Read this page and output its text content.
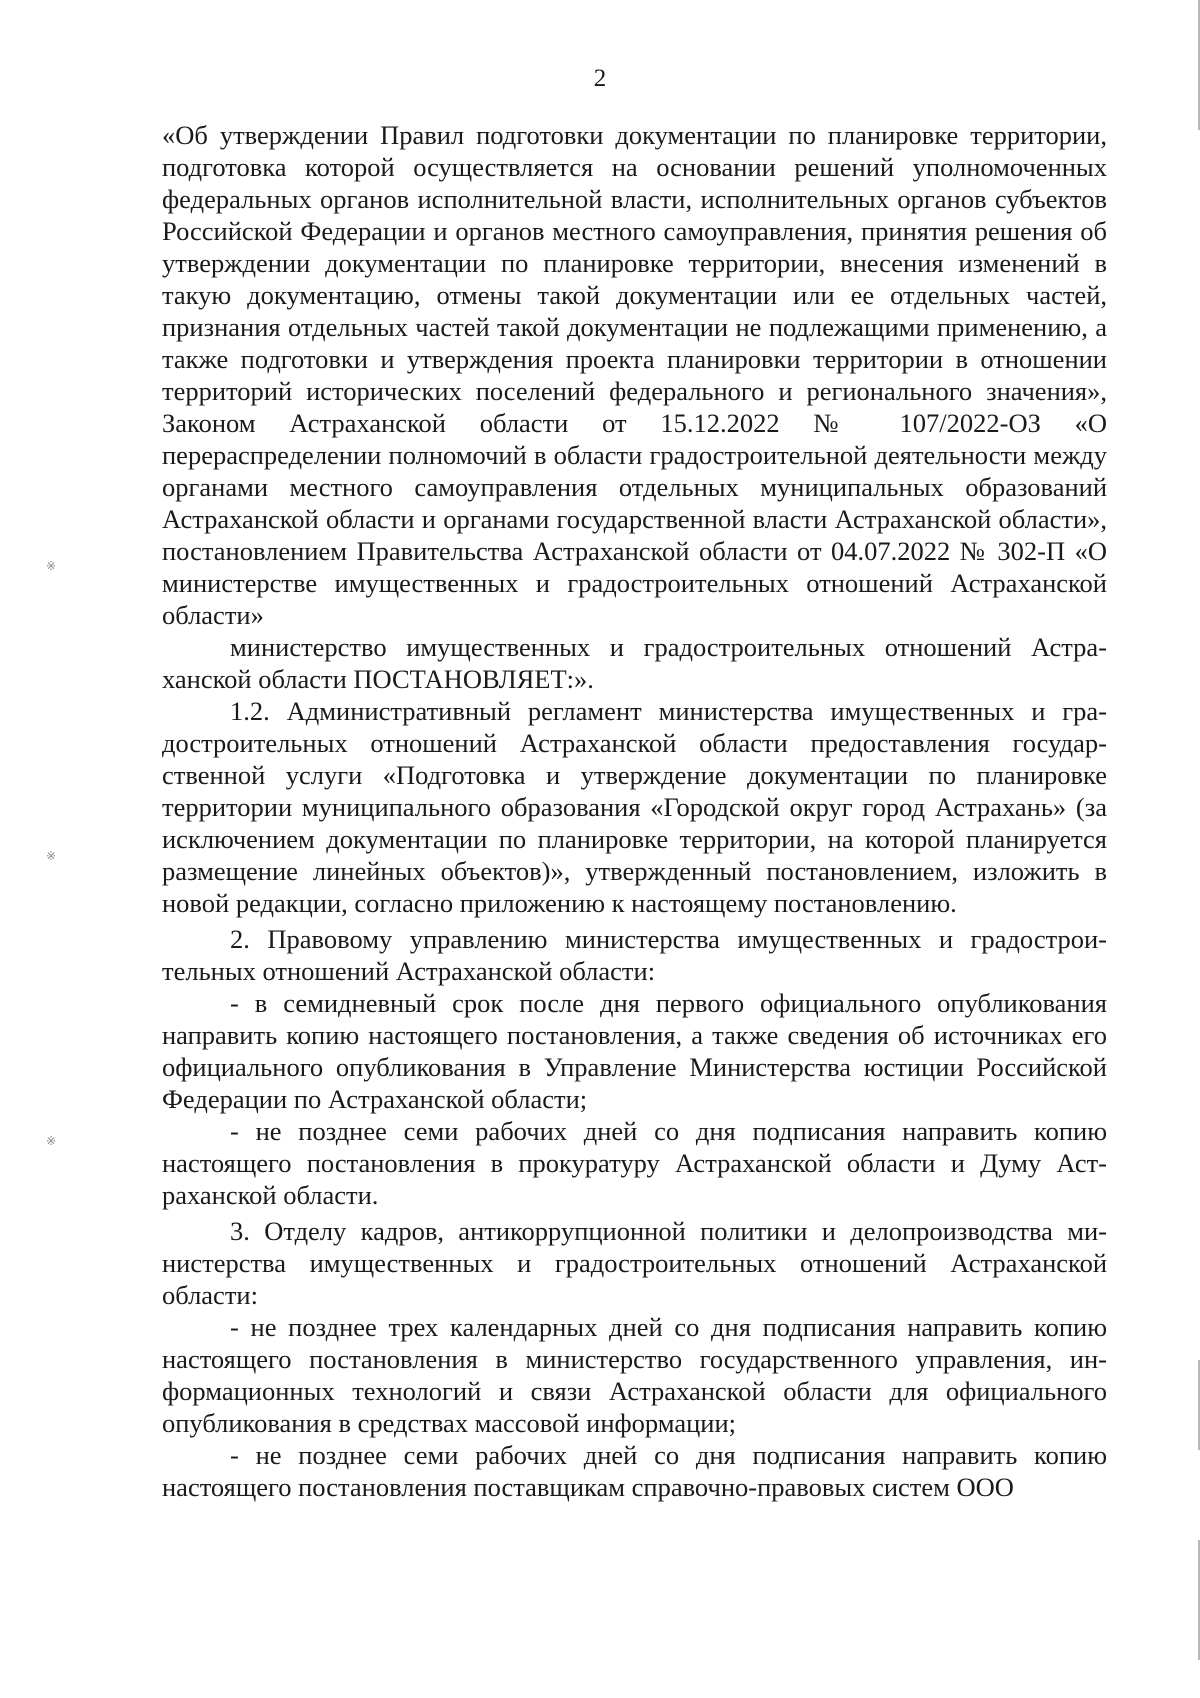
2

«Об утверждении Правил подготовки документации по планировке территории, подготовка которой осуществляется на основании решений уполномоченных федеральных органов исполнительной власти, исполнительных органов субъектов Российской Федерации и органов местного самоуправления, принятия решения об утверждении документации по планировке территории, внесения изменений в такую документацию, отмены такой документации или ее отдельных частей, признания отдельных частей такой документации не подлежащими применению, а также подготовки и утверждения проекта планировки территории в отношении территорий исторических поселений федерального и регионального значения», Законом Астраханской области от 15.12.2022 № 107/2022-ОЗ «О перераспределении полномочий в области градостроительной деятельности между органами местного самоуправления отдельных муниципальных образований Астраханской области и органами государственной власти Астраханской области», постановлением Правительства Астраханской области от 04.07.2022 № 302-П «О министерстве имущественных и градостроительных отношений Астраханской области»

министерство имущественных и градостроительных отношений Астраханской области ПОСТАНОВЛЯЕТ:».

1.2. Административный регламент министерства имущественных и градостроительных отношений Астраханской области предоставления государственной услуги «Подготовка и утверждение документации по планировке территории муниципального образования «Городской округ город Астрахань» (за исключением документации по планировке территории, на которой планируется размещение линейных объектов)», утвержденный постановлением, изложить в новой редакции, согласно приложению к настоящему постановлению.

2. Правовому управлению министерства имущественных и градостроительных отношений Астраханской области:

- в семидневный срок после дня первого официального опубликования направить копию настоящего постановления, а также сведения об источниках его официального опубликования в Управление Министерства юстиции Российской Федерации по Астраханской области;

- не позднее семи рабочих дней со дня подписания направить копию настоящего постановления в прокуратуру Астраханской области и Думу Астраханской области.

3. Отделу кадров, антикоррупционной политики и делопроизводства министерства имущественных и градостроительных отношений Астраханской области:

- не позднее трех календарных дней со дня подписания направить копию настоящего постановления в министерство государственного управления, информационных технологий и связи Астраханской области для официального опубликования в средствах массовой информации;

- не позднее семи рабочих дней со дня подписания направить копию настоящего постановления поставщикам справочно-правовых систем ООО

※
※
※
